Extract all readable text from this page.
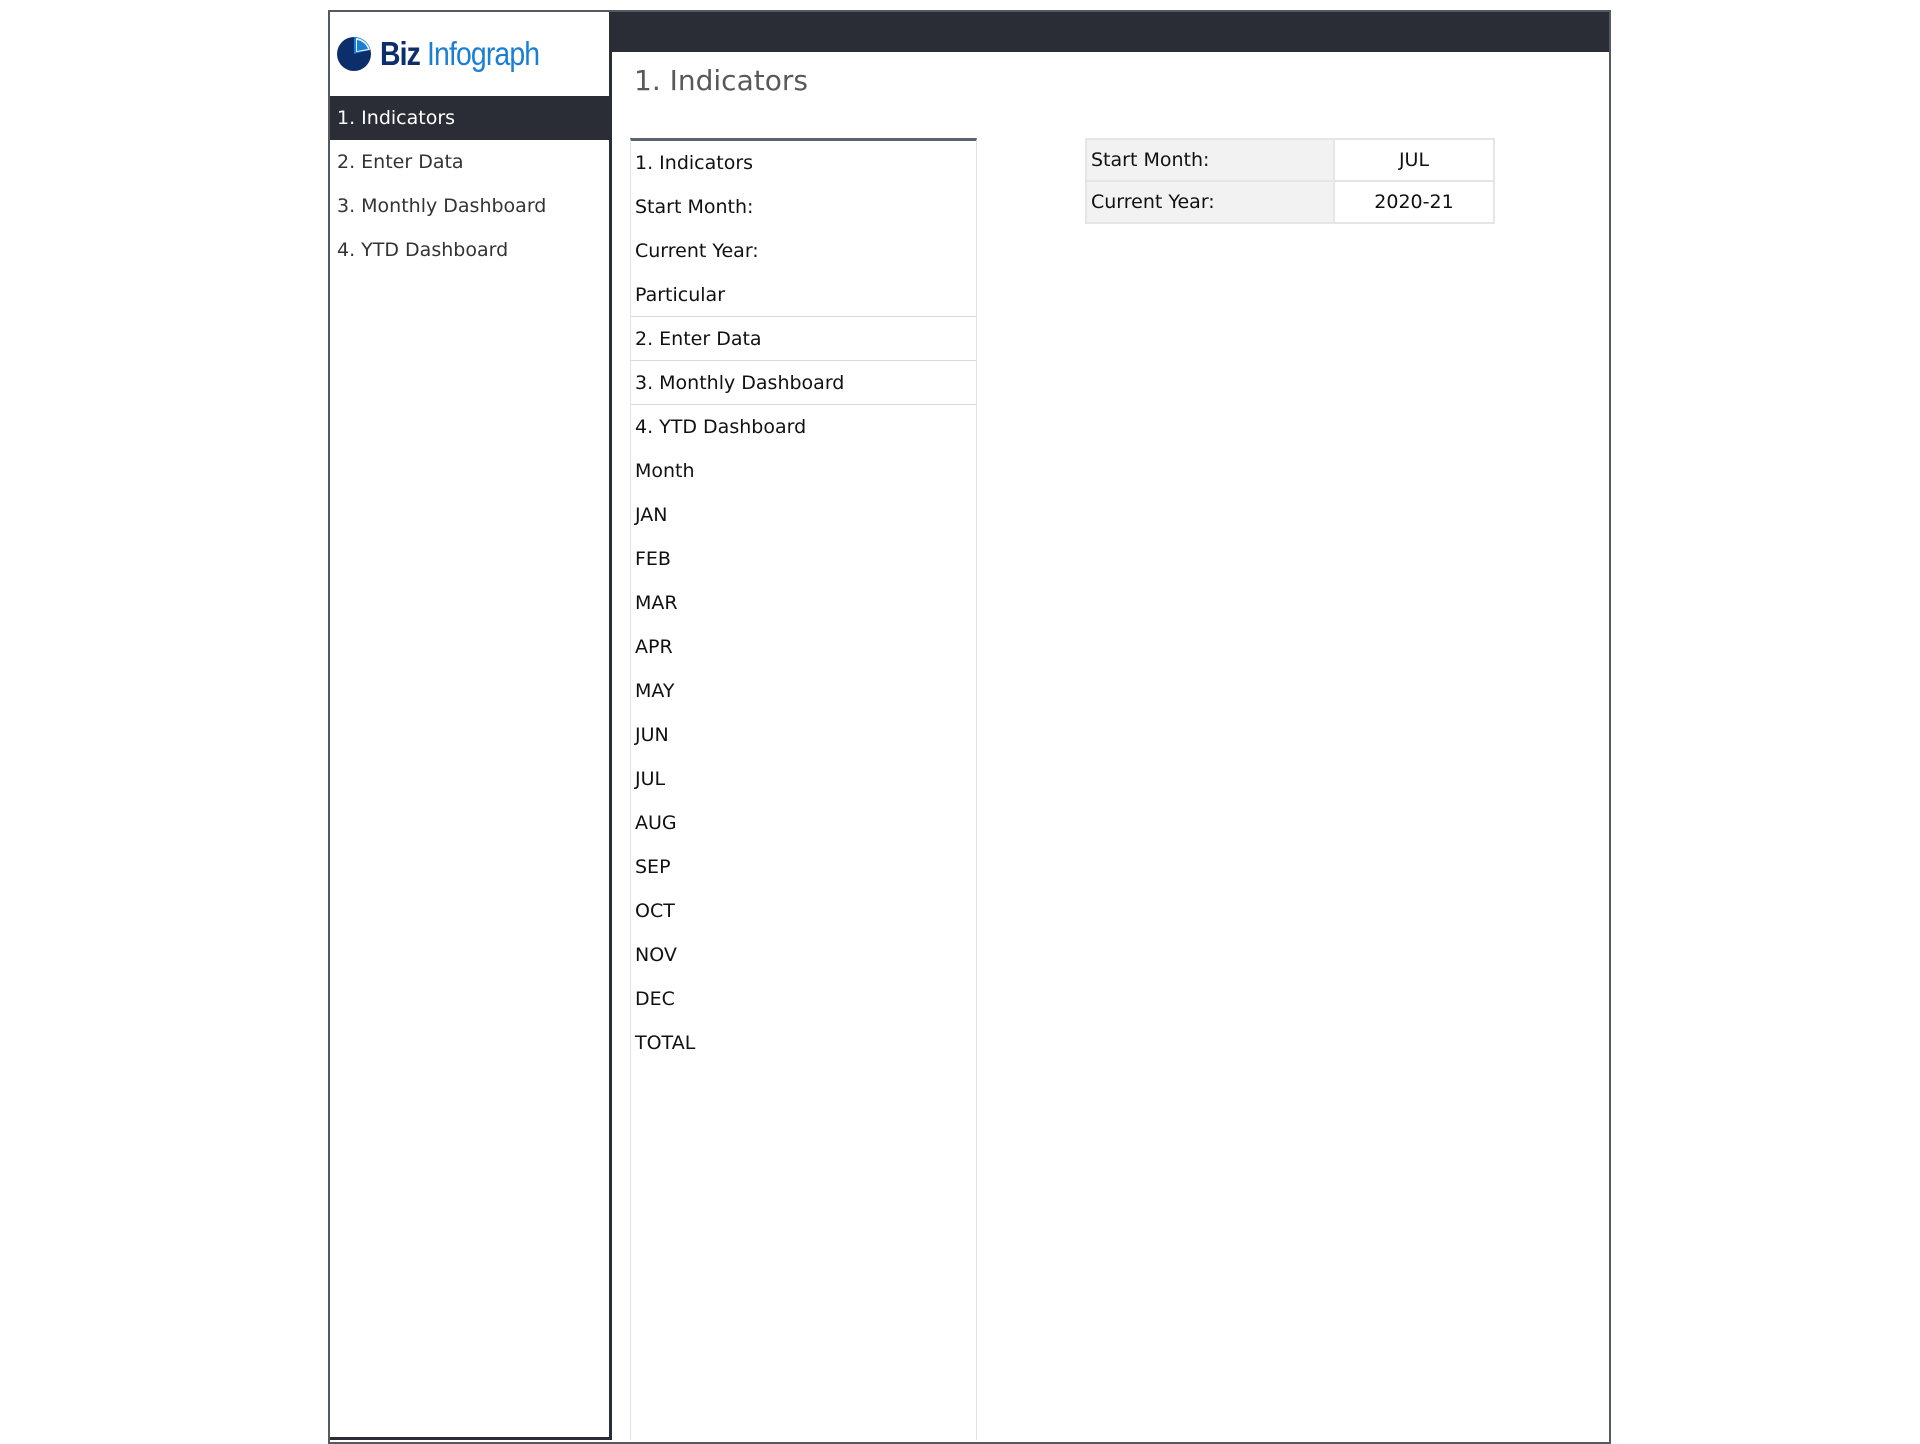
Biz Infograph
1. Indicators
2. Enter Data
3. Monthly Dashboard
4. YTD Dashboard
1. Indicators
1. Indicators
Start Month:
Current Year:
Particular
2. Enter Data
3. Monthly Dashboard
4. YTD Dashboard
Month
JAN
FEB
MAR
APR
MAY
JUN
JUL
AUG
SEP
OCT
NOV
DEC
TOTAL
Start Month:	JUL
Current Year:	2020-21
